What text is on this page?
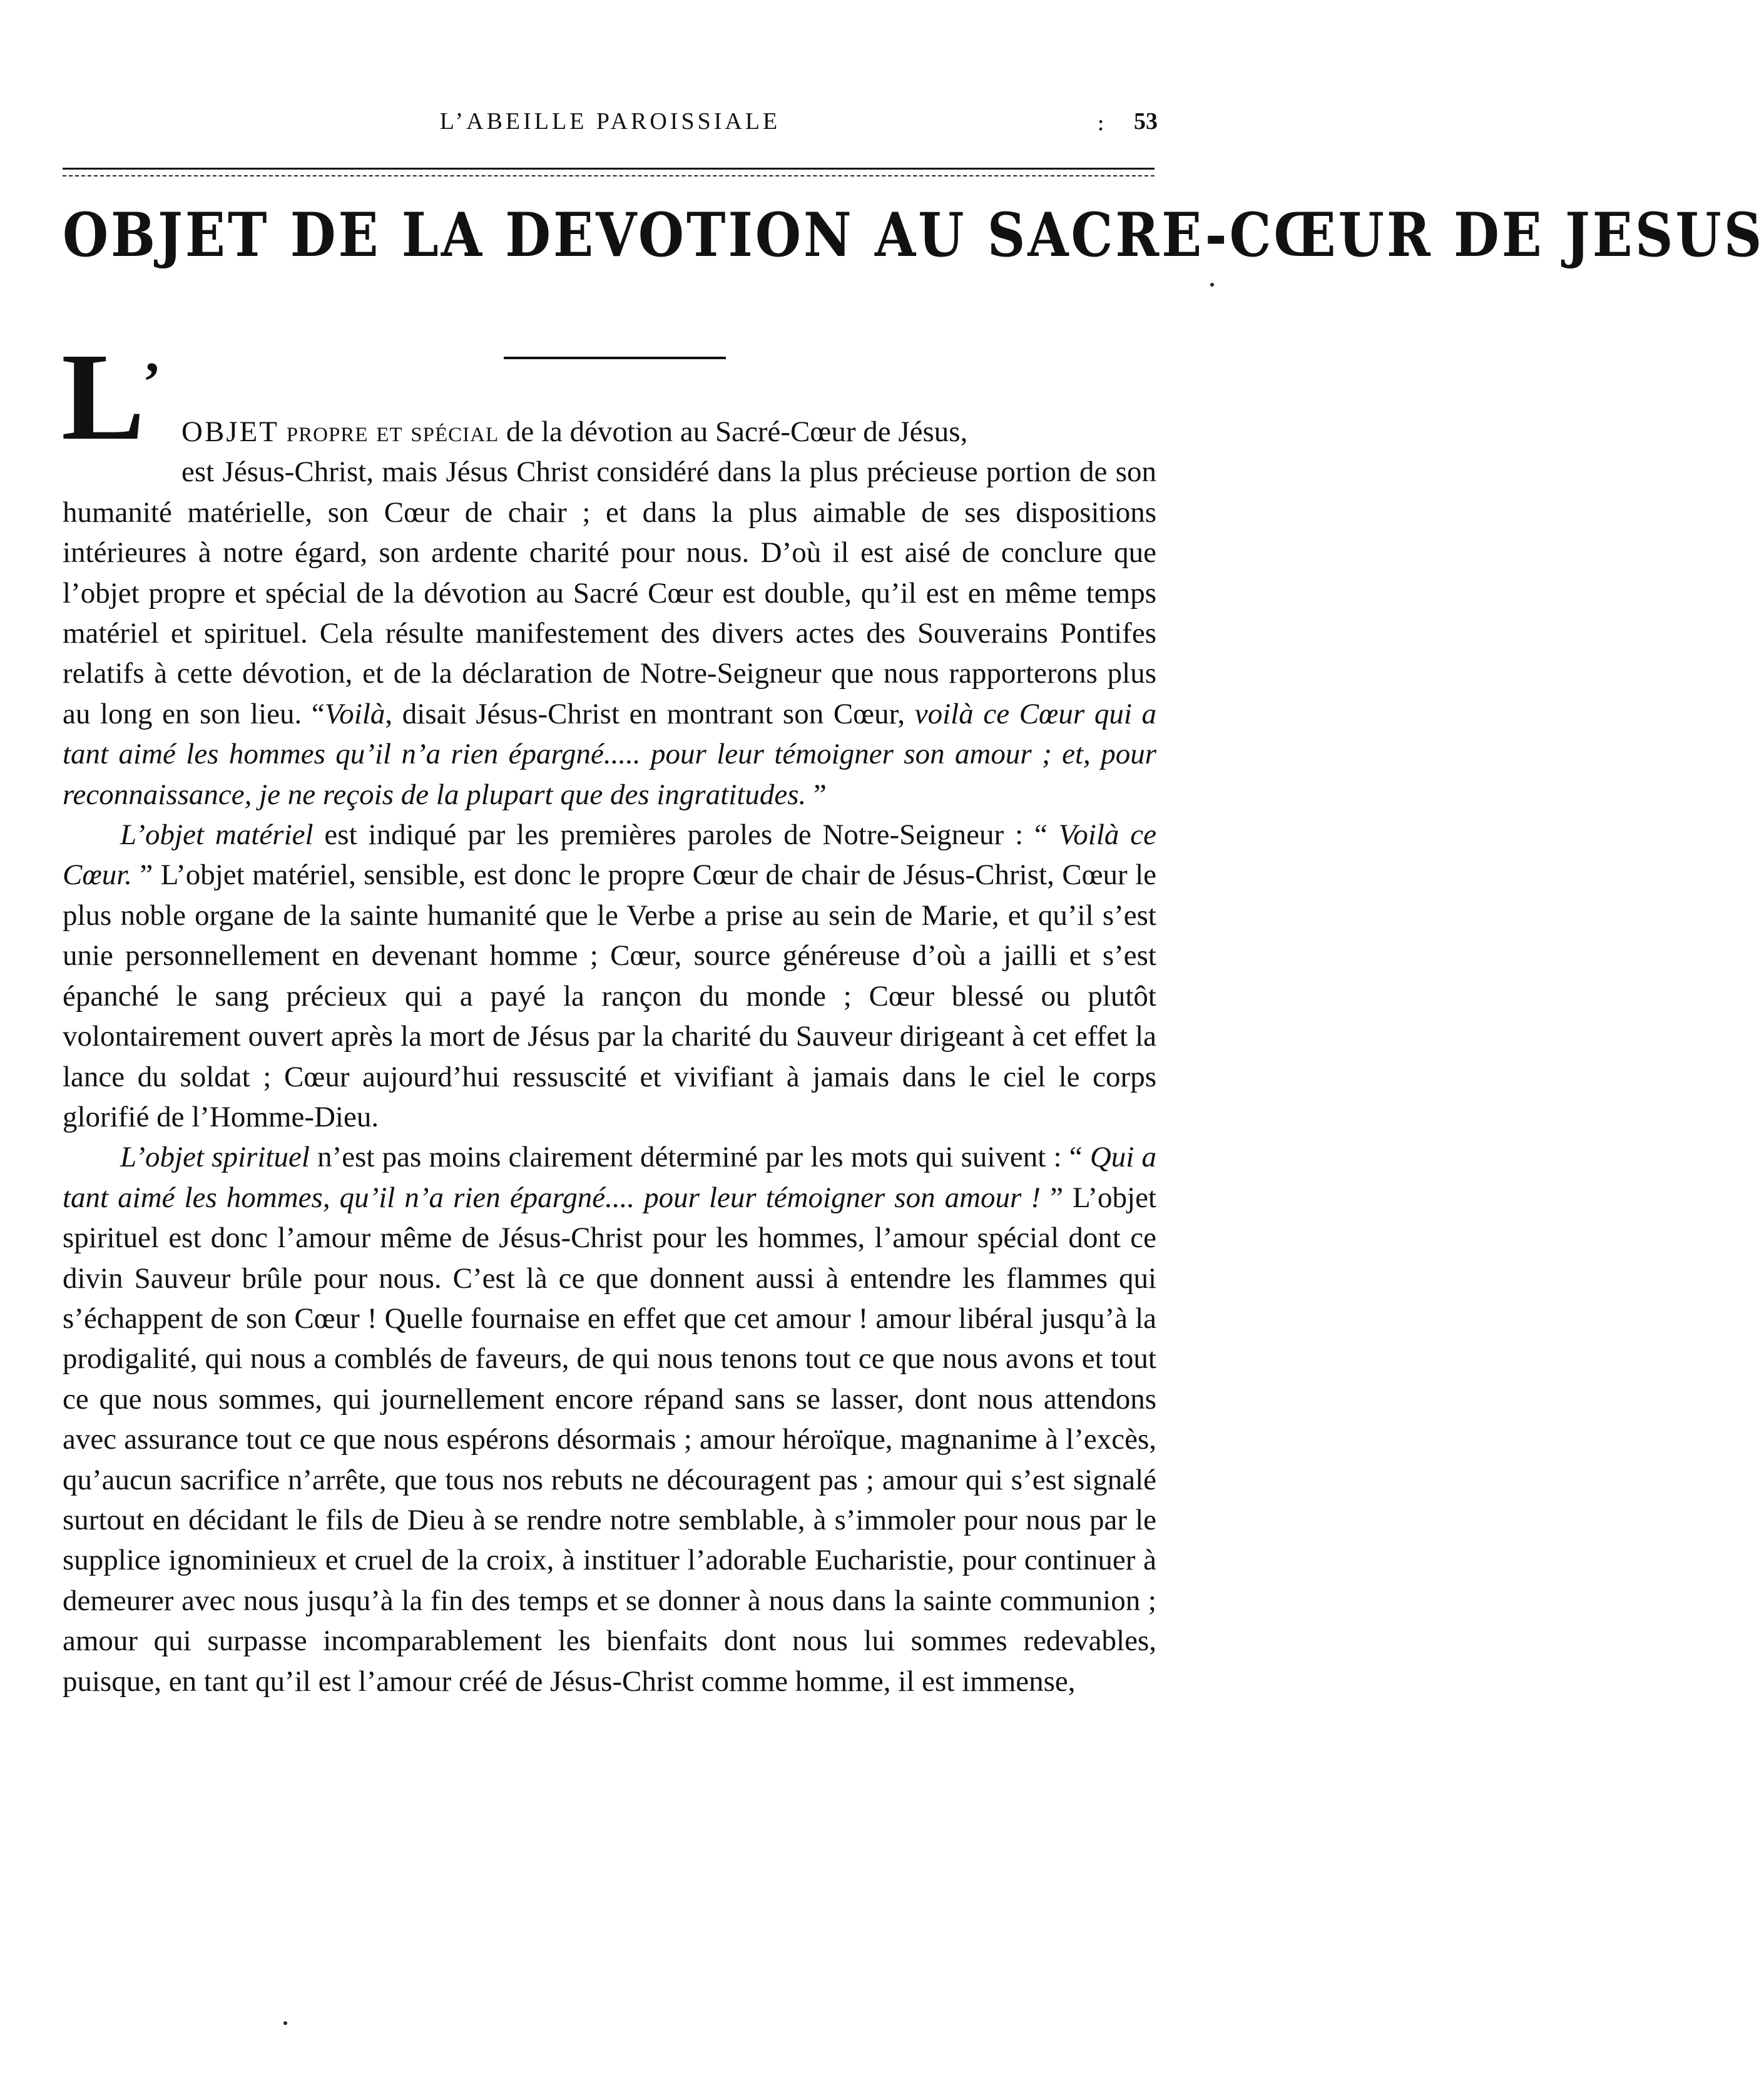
L’ABEILLE PAROISSIALE	: 53
OBJET DE LA DEVOTION AU SACRE-CŒUR DE JESUS
L
’

OBJET propre et spécial de la dévotion au Sacré-Cœur de Jésus,
est Jésus-Christ, mais Jésus Christ considéré dans la plus précieuse portion de son humanité matérielle, son Cœur de chair ; et dans la plus aimable de ses dispositions intérieures à notre égard, son ardente charité pour nous. D’où il est aisé de conclure que l’objet propre et spécial de la dévotion au Sacré Cœur est double, qu’il est en même temps matériel et spirituel. Cela résulte manifestement des divers actes des Souverains Pontifes relatifs à cette dévotion, et de la déclaration de Notre-Seigneur que nous rapporterons plus au long en son lieu. “Voilà, disait Jésus-Christ en montrant son Cœur, voilà ce Cœur qui a tant aimé les hommes qu’il n’a rien épargné..... pour leur témoigner son amour ; et, pour reconnaissance, je ne reçois de la plupart que des ingratitudes. ”

L’objet matériel est indiqué par les premières paroles de Notre-Seigneur : “ Voilà ce Cœur. ” L’objet matériel, sensible, est donc le propre Cœur de chair de Jésus-Christ, Cœur le plus noble organe de la sainte humanité que le Verbe a prise au sein de Marie, et qu’il s’est unie personnellement en devenant homme ; Cœur, source généreuse d’où a jailli et s’est épanché le sang précieux qui a payé la rançon du monde ; Cœur blessé ou plutôt volontairement ouvert après la mort de Jésus par la charité du Sauveur dirigeant à cet effet la lance du soldat ; Cœur aujourd’hui ressuscité et vivifiant à jamais dans le ciel le corps glorifié de l’Homme-Dieu.

L’objet spirituel n’est pas moins clairement déterminé par les mots qui suivent : “ Qui a tant aimé les hommes, qu’il n’a rien épargné.... pour leur témoigner son amour ! ” L’objet spirituel est donc l’amour même de Jésus-Christ pour les hommes, l’amour spécial dont ce divin Sauveur brûle pour nous. C’est là ce que donnent aussi à entendre les flammes qui s’échappent de son Cœur ! Quelle fournaise en effet que cet amour ! amour libéral jusqu’à la prodigalité, qui nous a comblés de faveurs, de qui nous tenons tout ce que nous avons et tout ce que nous sommes, qui journellement encore répand sans se lasser, dont nous attendons avec assurance tout ce que nous espérons désormais ; amour héroïque, magnanime à l’excès, qu’aucun sacrifice n’arrête, que tous nos rebuts ne découragent pas ; amour qui s’est signalé surtout en décidant le fils de Dieu à se rendre notre semblable, à s’immoler pour nous par le supplice ignominieux et cruel de la croix, à instituer l’adorable Eucharistie, pour continuer à demeurer avec nous jusqu’à la fin des temps et se donner à nous dans la sainte communion ; amour qui surpasse incomparablement les bienfaits dont nous lui sommes redevables, puisque, en tant qu’il est l’amour créé de Jésus-Christ comme homme, il est immense,
